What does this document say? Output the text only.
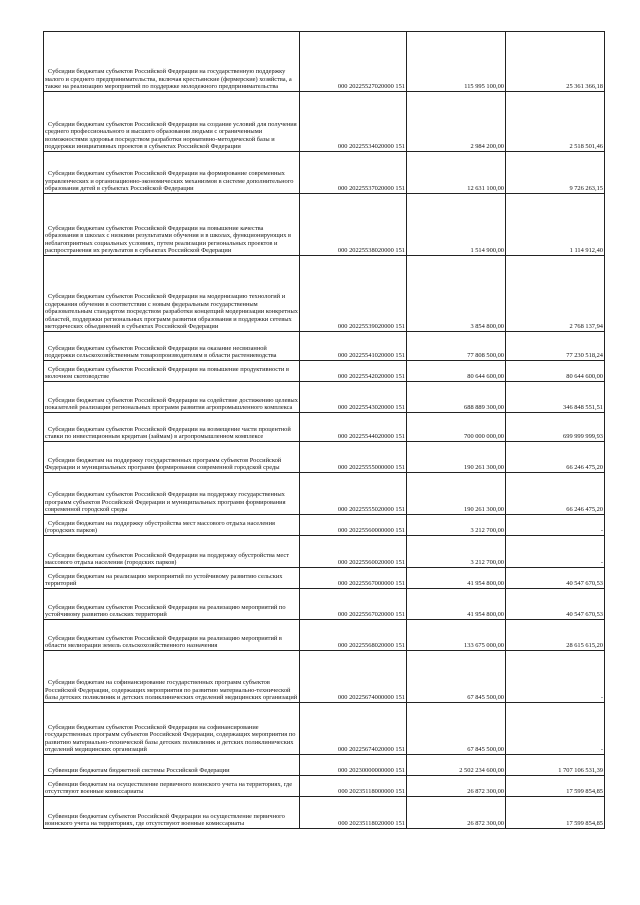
Субсидии бюджетам субъектов Российской Федерации на государственную поддержку малого и среднего предпринимательства, включая крестьянские (фермерские) хозяйства, а также на реализацию мероприятий по поддержке молодежного предпринимательства	000 20225527020000 151	115 995 100,00	25 361 366,18
Субсидии бюджетам субъектов Российской Федерации на создание условий для получения среднего профессионального и высшего образования людьми с ограниченными возможностями здоровья посредством разработки нормативно-методической базы и поддержки инициативных проектов в субъектах Российской Федерации	000 20225534020000 151	2 984 200,00	2 518 501,46
Субсидии бюджетам субъектов Российской Федерации на формирование современных управленческих и организационно-экономических механизмов в системе дополнительного образования детей в субъектах Российской Федерации	000 20225537020000 151	12 631 100,00	9 726 263,15
Субсидии бюджетам субъектов Российской Федерации на повышение качества образования в школах с низкими результатами обучения и в школах, функционирующих в неблагоприятных социальных условиях, путем реализации региональных проектов и распространения их результатов в субъектах Российской Федерации	000 20225538020000 151	1 514 900,00	1 114 912,40
Субсидии бюджетам субъектов Российской Федерации на модернизацию технологий и содержания обучения в соответствии с новым федеральным государственным образовательным стандартом посредством разработки концепций модернизации конкретных областей, поддержки региональных программ развития образования и поддержки сетевых методических объединений в субъектах Российской Федерации	000 20225539020000 151	3 854 800,00	2 768 137,94
Субсидии бюджетам субъектов Российской Федерации на оказание несвязанной поддержки сельскохозяйственным товаропроизводителям в области растениеводства	000 20225541020000 151	77 808 500,00	77 230 518,24
Субсидии бюджетам субъектов Российской Федерации на повышение продуктивности в молочном скотоводстве	000 20225542020000 151	80 644 600,00	80 644 600,00
Субсидии бюджетам субъектов Российской Федерации на содействие достижению целевых показателей реализации региональных программ развития агропромышленного комплекса	000 20225543020000 151	688 889 300,00	346 848 551,51
Субсидии бюджетам субъектов Российской Федерации на возмещение части процентной ставки по инвестиционным кредитам (займам) в агропромышленном комплексе	000 20225544020000 151	700 000 000,00	699 999 999,93
Субсидии бюджетам на поддержку государственных программ субъектов Российской Федерации и муниципальных программ формирования современной городской среды	000 20225555000000 151	190 261 300,00	66 246 475,20
Субсидии бюджетам субъектов Российской Федерации на поддержку государственных программ субъектов Российской Федерации и муниципальных программ формирования современной городской среды	000 20225555020000 151	190 261 300,00	66 246 475,20
Субсидии бюджетам на поддержку обустройства мест массового отдыха населения (городских парков)	000 20225560000000 151	3 212 700,00	-
Субсидии бюджетам субъектов Российской Федерации на поддержку обустройства мест массового отдыха населения (городских парков)	000 20225560020000 151	3 212 700,00	-
Субсидии бюджетам на реализацию мероприятий по устойчивому развитию сельских территорий	000 20225567000000 151	41 954 800,00	40 547 670,53
Субсидии бюджетам субъектов Российской Федерации на реализацию мероприятий по устойчивому развитию сельских территорий	000 20225567020000 151	41 954 800,00	40 547 670,53
Субсидии бюджетам субъектов Российской Федерации на реализацию мероприятий в области мелиорации земель сельскохозяйственного назначения	000 20225568020000 151	133 675 000,00	28 615 615,20
Субсидии бюджетам на софинансирование государственных программ субъектов Российской Федерации, содержащих мероприятия по развитию материально-технической базы детских поликлиник и детских поликлинических отделений медицинских организаций	000 20225674000000 151	67 845 500,00	-
Субсидии бюджетам субъектов Российской Федерации на софинансирование государственных программ субъектов Российской Федерации, содержащих мероприятия по развитию материально-технической базы детских поликлиник и детских поликлинических отделений медицинских организаций	000 20225674020000 151	67 845 500,00	-
Субвенции бюджетам бюджетной системы Российской Федерации	000 20230000000000 151	2 502 234 600,00	1 707 106 531,39
Субвенции бюджетам на осуществление первичного воинского учета на территориях, где отсутствуют военные комиссариаты	000 20235118000000 151	26 872 300,00	17 599 854,85
Субвенции бюджетам субъектов Российской Федерации на осуществление первичного воинского учета на территориях, где отсутствуют военные комиссариаты	000 20235118020000 151	26 872 300,00	17 599 854,85
